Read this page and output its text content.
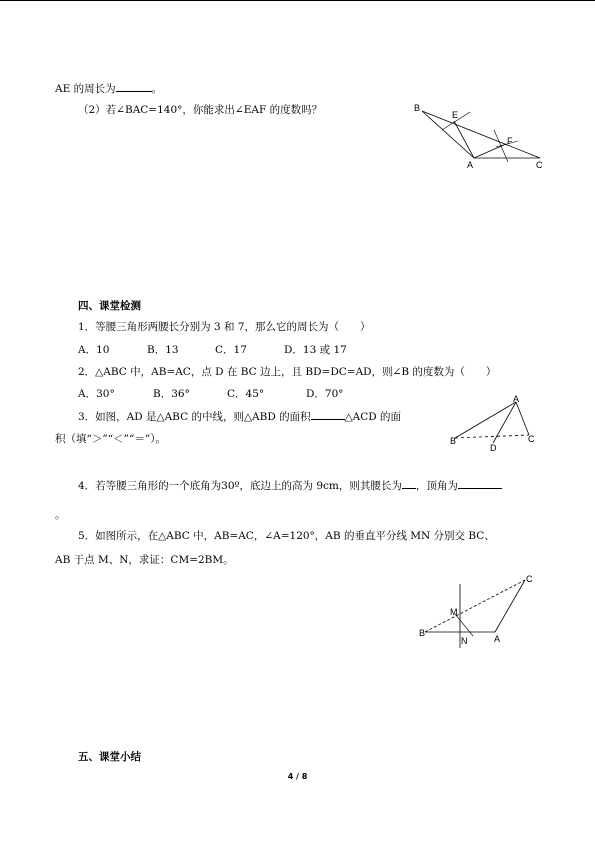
AE 的周长为	。
（2）若∠BAC=140°，你能求出∠EAF 的度数吗？	B
E
F
A	C
四、课堂检测
1．等腰三角形两腰长分别为 3 和 7，那么它的周长为（　　）
A．10	B．13	C．17	D．13 或 17
2．△ABC 中，AB=AC，点 D 在 BC 边上，且 BD=DC=AD，则∠B 的度数为（　　）
A．30°	B．36°	C．45°	D．70°
3．如图，AD 是△ABC 的中线，则△ABD 的面积	△ACD 的面
积（填“＞”“＜”“＝”）。
A
B
D
C
4．若等腰三角形的一个底角为30º，底边上的高为 9cm，则其腰长为 ，顶角为
。
5．如图所示，在△ABC 中，AB=AC，∠A=120°，AB 的垂直平分线 MN 分别交 BC、
AB 于点 M、N，求证：CM=2BM。
C
M
B
N	A
五、课堂小结
4 / 8
